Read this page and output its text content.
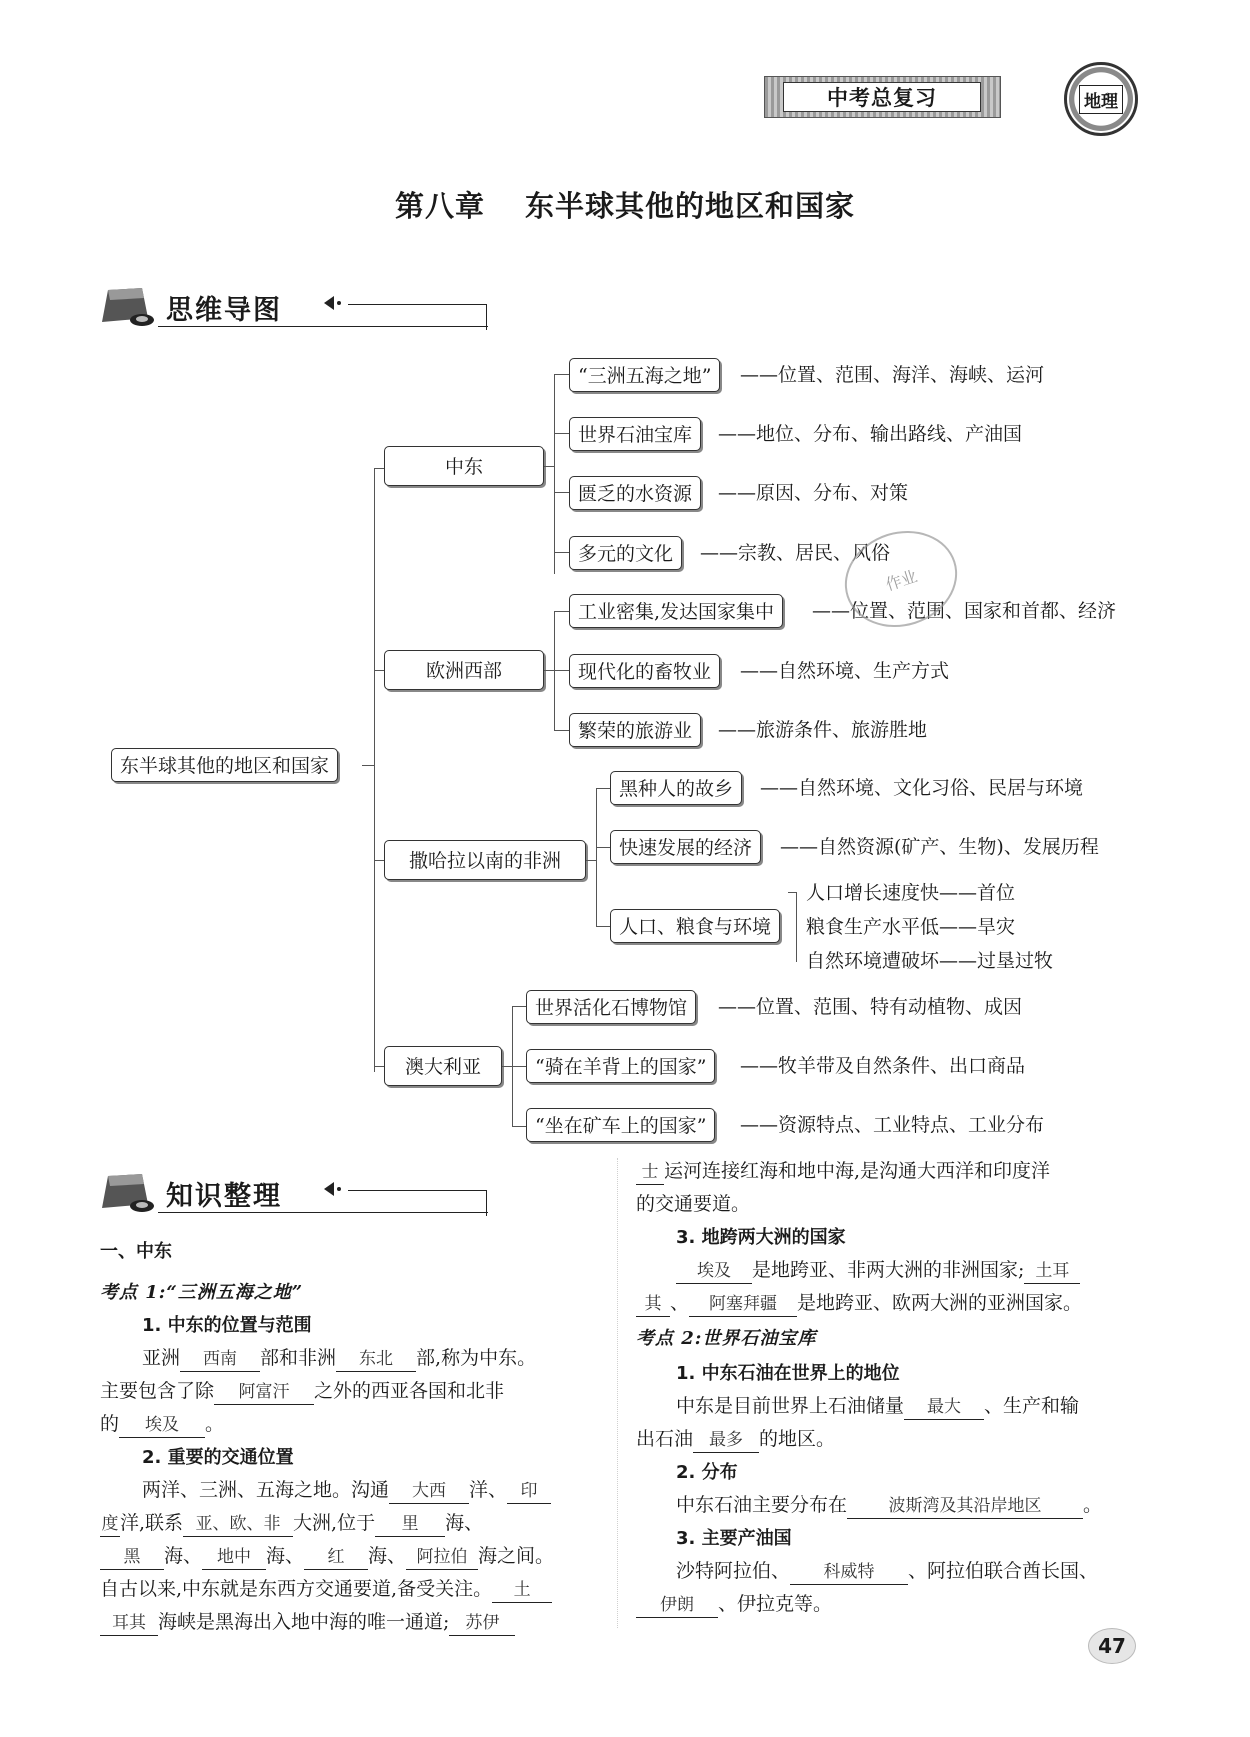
中考总复习	地理
第八章 东半球其他的地区和国家
思维导图
东半球其他的地区和国家
中东
“三洲五海之地”	——位置、范围、海洋、海峡、运河
世界石油宝库	——地位、分布、输出路线、产油国
匮乏的水资源	——原因、分布、对策
多元的文化	——宗教、居民、风俗
欧洲西部
工业密集,发达国家集中	——位置、范围、国家和首都、经济
现代化的畜牧业	——自然环境、生产方式
繁荣的旅游业	——旅游条件、旅游胜地
撒哈拉以南的非洲
黑种人的故乡	——自然环境、文化习俗、民居与环境
快速发展的经济	——自然资源(矿产、生物)、发展历程
人口、粮食与环境
人口增长速度快——首位
粮食生产水平低——旱灾
自然环境遭破坏——过垦过牧
澳大利亚
世界活化石博物馆	——位置、范围、特有动植物、成因
“骑在羊背上的国家”	——牧羊带及自然条件、出口商品
“坐在矿车上的国家”	——资源特点、工业特点、工业分布
作业
知识整理
一、中东
考点 1:“三洲五海之地”
1. 中东的位置与范围
亚洲 西南 部和非洲 东北 部,称为中东。
主要包含了除 阿富汗 之外的西亚各国和北非
的 埃及 。
2. 重要的交通位置
两洋、三洲、五海之地。沟通 大西 洋、 印
度洋,联系 亚、欧、非 大洲,位于 里 海、
黑 海、 地中 海、 红 海、 阿拉伯 海之间。
自古以来,中东就是东西方交通要道,备受关注。 土
耳其 海峡是黑海出入地中海的唯一通道; 苏伊
士 运河连接红海和地中海,是沟通大西洋和印度洋
的交通要道。
3. 地跨两大洲的国家
埃及 是地跨亚、非两大洲的非洲国家; 土耳
其 、 阿塞拜疆 是地跨亚、欧两大洲的亚洲国家。
考点 2:世界石油宝库
1. 中东石油在世界上的地位
中东是目前世界上石油储量 最大 、生产和输
出石油 最多 的地区。
2. 分布
中东石油主要分布在 波斯湾及其沿岸地区 。
3. 主要产油国
沙特阿拉伯、 科威特 、阿拉伯联合酋长国、
伊朗 、伊拉克等。
47
